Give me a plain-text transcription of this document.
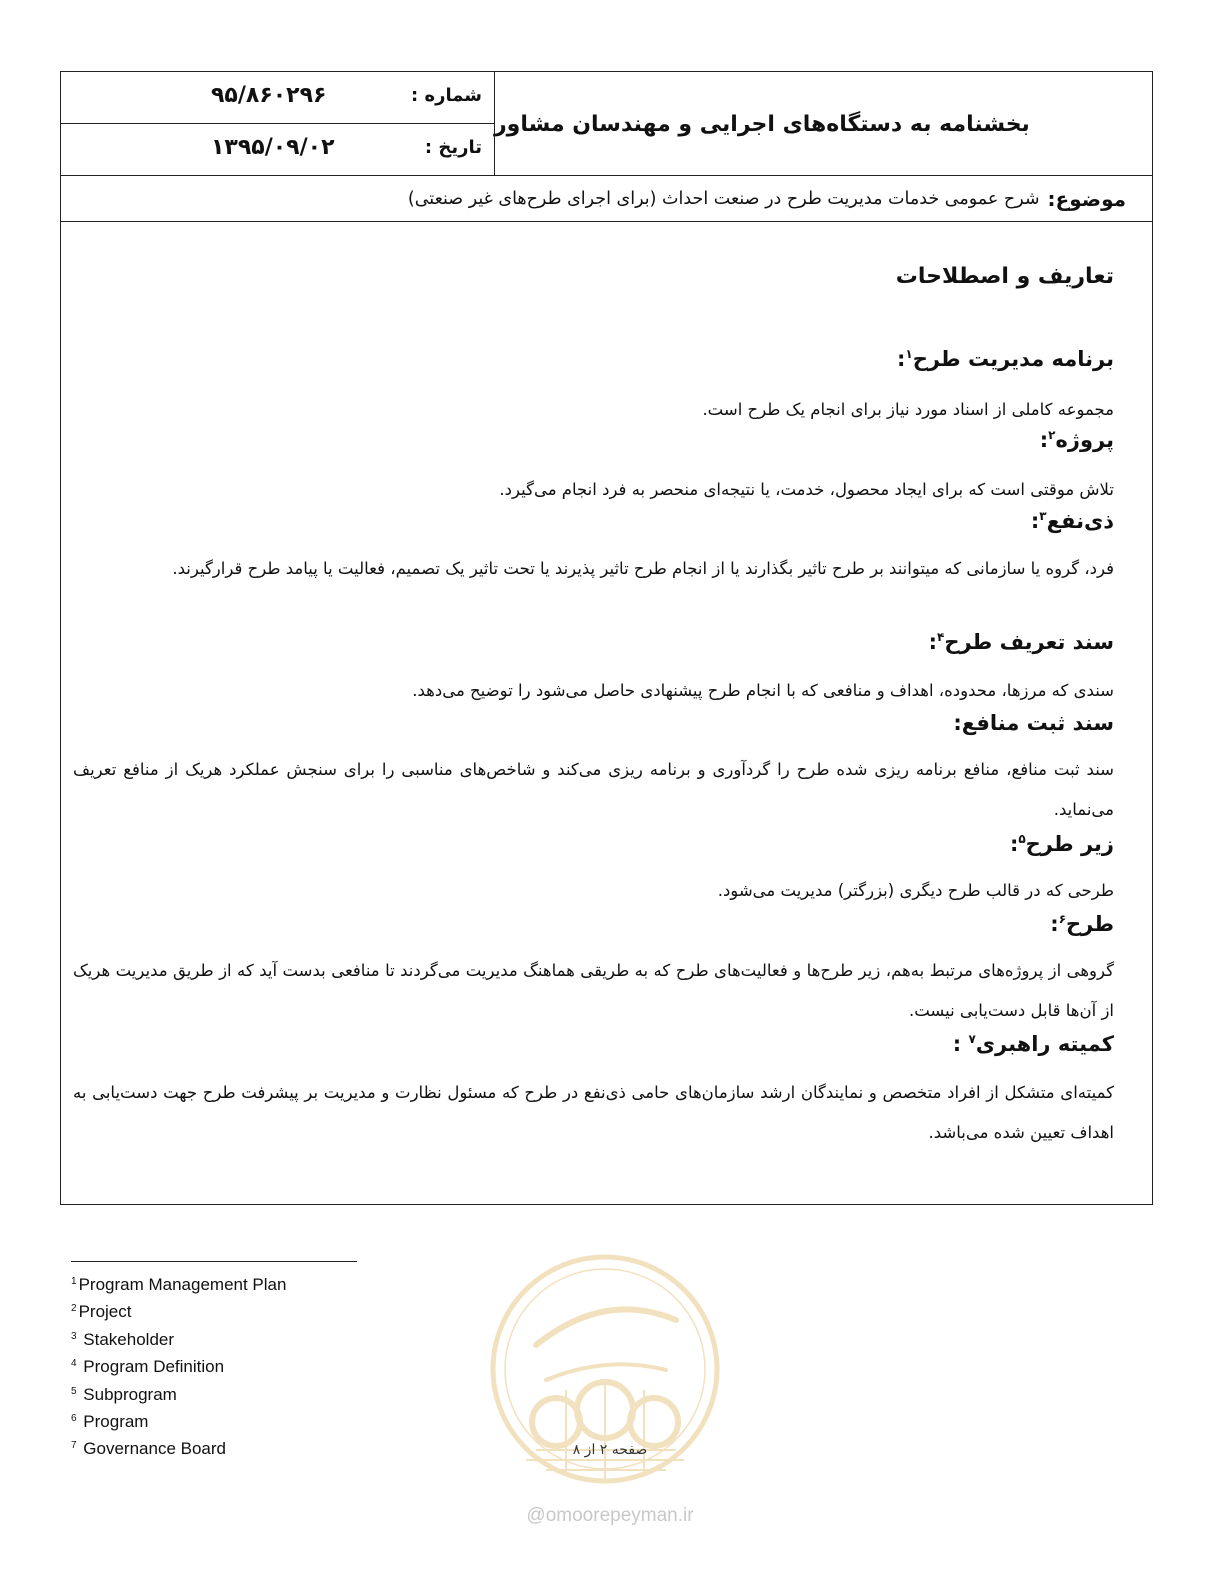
بخشنامه به دستگاه‌های اجرایی و مهندسان مشاور
شماره :
۹۵/۸۶۰۲۹۶
تاریخ :
۱۳۹۵/۰۹/۰۲
موضوع:
شرح عمومی خدمات مدیریت طرح در صنعت احداث (برای اجرای طرح‌های غیر صنعتی)
تعاریف و اصطلاحات
برنامه مدیریت طرح$^۱$:
مجموعه کاملی از اسناد مورد نیاز برای انجام یک طرح است.
پروژه$^۲$:
تلاش موقتی است که برای ایجاد محصول، خدمت، یا نتیجه‌ای منحصر به فرد انجام می‌گیرد.
ذی‌نفع$^۳$:
فرد، گروه یا سازمانی که میتوانند بر طرح تاثیر بگذارند یا از انجام طرح تاثیر پذیرند یا تحت تاثیر یک تصمیم، فعالیت یا پیامد طرح قرارگیرند.
سند تعریف طرح$^۴$:
سندی که مرزها، محدوده، اهداف و منافعی که با انجام طرح پیشنهادی حاصل می‌شود را توضیح می‌دهد.
سند ثبت منافع:
سند ثبت منافع، منافع برنامه ریزی شده طرح را گردآوری و برنامه ریزی می‌کند و شاخص‌های مناسبی را برای سنجش عملکرد هریک از منافع تعریف می‌نماید.
زیر طرح$^۵$:
طرحی که در قالب طرح دیگری (بزرگتر) مدیریت می‌شود.
طرح$^۶$:
گروهی از پروژه‌های مرتبط به‌هم، زیر طرح‌ها و فعالیت‌های طرح که به طریقی هماهنگ مدیریت می‌گردند تا منافعی بدست آید که از طریق مدیریت هریک از آن‌ها قابل دست‌یابی نیست.
کمیته راهبری$^۷$ :
کمیته‌ای متشکل از افراد متخصص و نمایندگان ارشد سازمان‌های حامی ذی‌نفع در طرح که مسئول نظارت و مدیریت بر پیشرفت طرح جهت دست‌یابی به اهداف تعیین شده می‌باشد.
$^1$ Program Management Plan
$^2$ Project
$^3$ Stakeholder
$^4$ Program Definition
$^5$ Subprogram
$^6$ Program
$^7$ Governance Board	صفحه ۲ از ۸
@omoorepeyman.ir
